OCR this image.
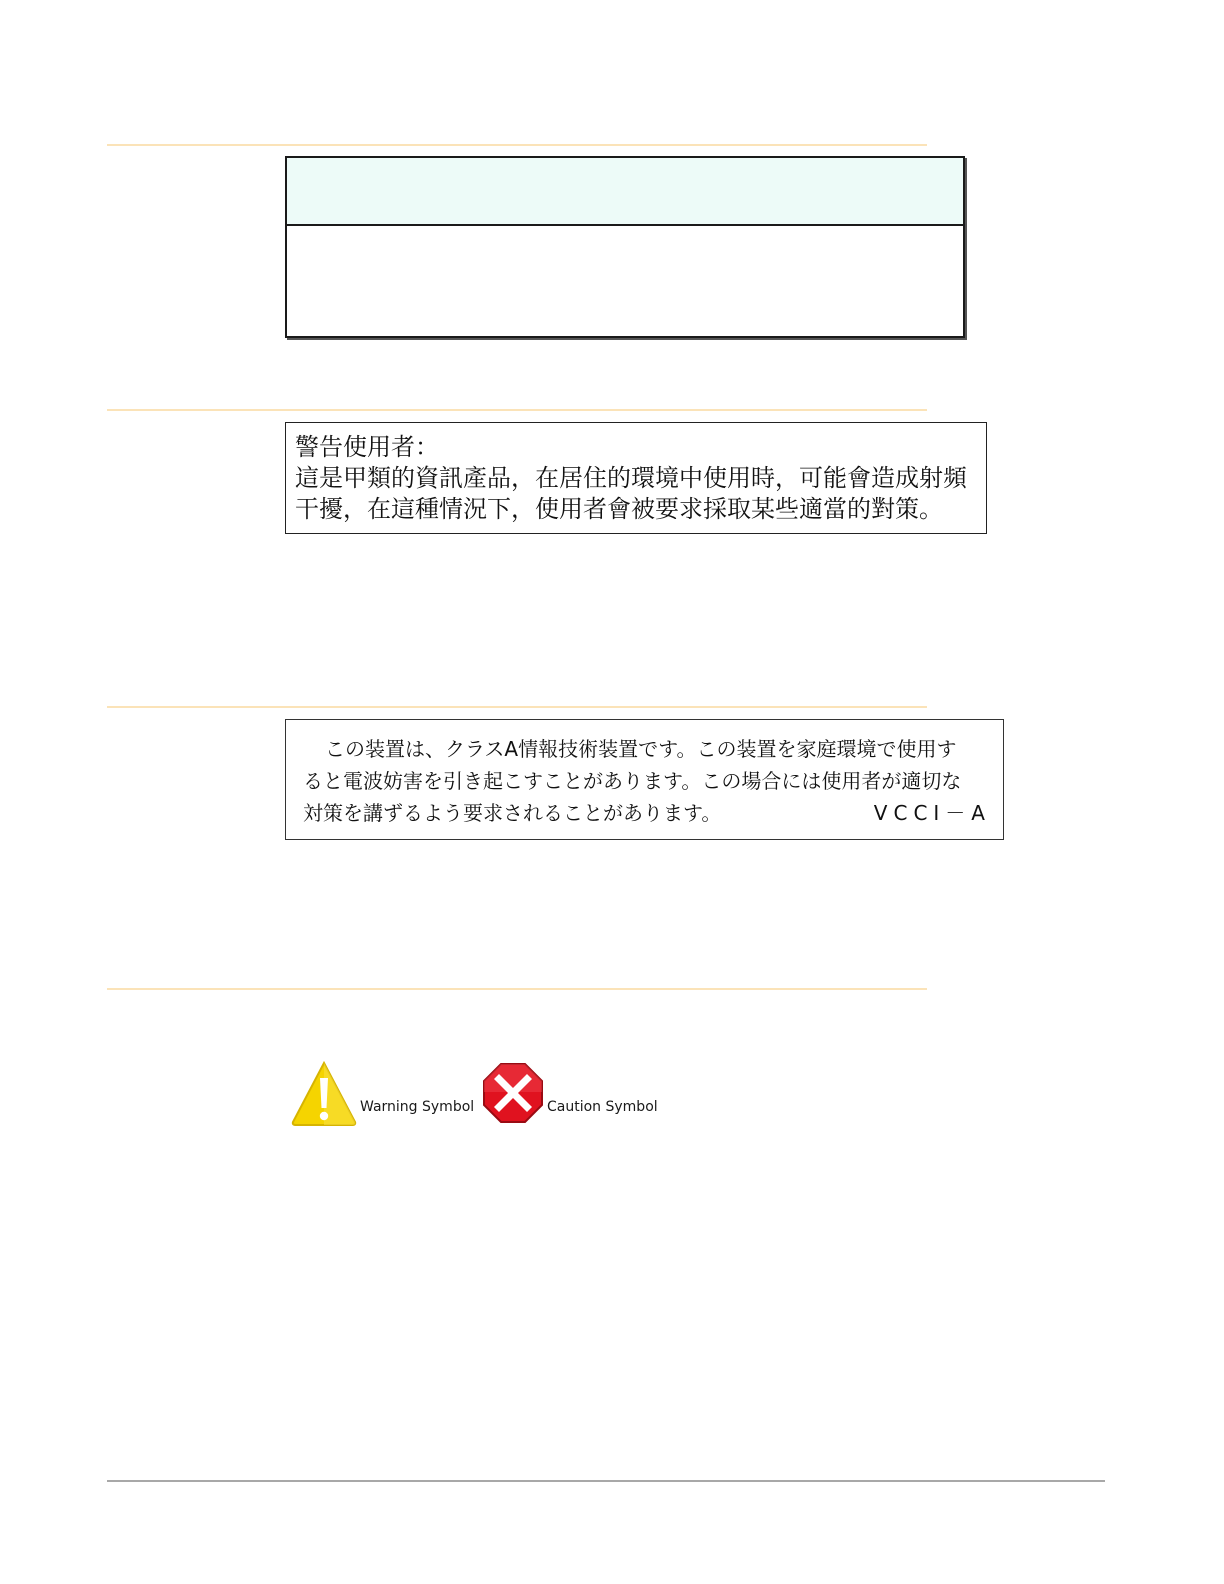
警告使用者：
這是甲類的資訊產品，在居住的環境中使用時，可能會造成射頻
干擾，在這種情況下，使用者會被要求採取某些適當的對策。
この装置は、クラスA情報技術装置です。この装置を家庭環境で使用す
ると電波妨害を引き起こすことがあります。この場合には使用者が適切な
対策を講ずるよう要求されることがあります。	VCCI－A
Warning Symbol	Caution Symbol
